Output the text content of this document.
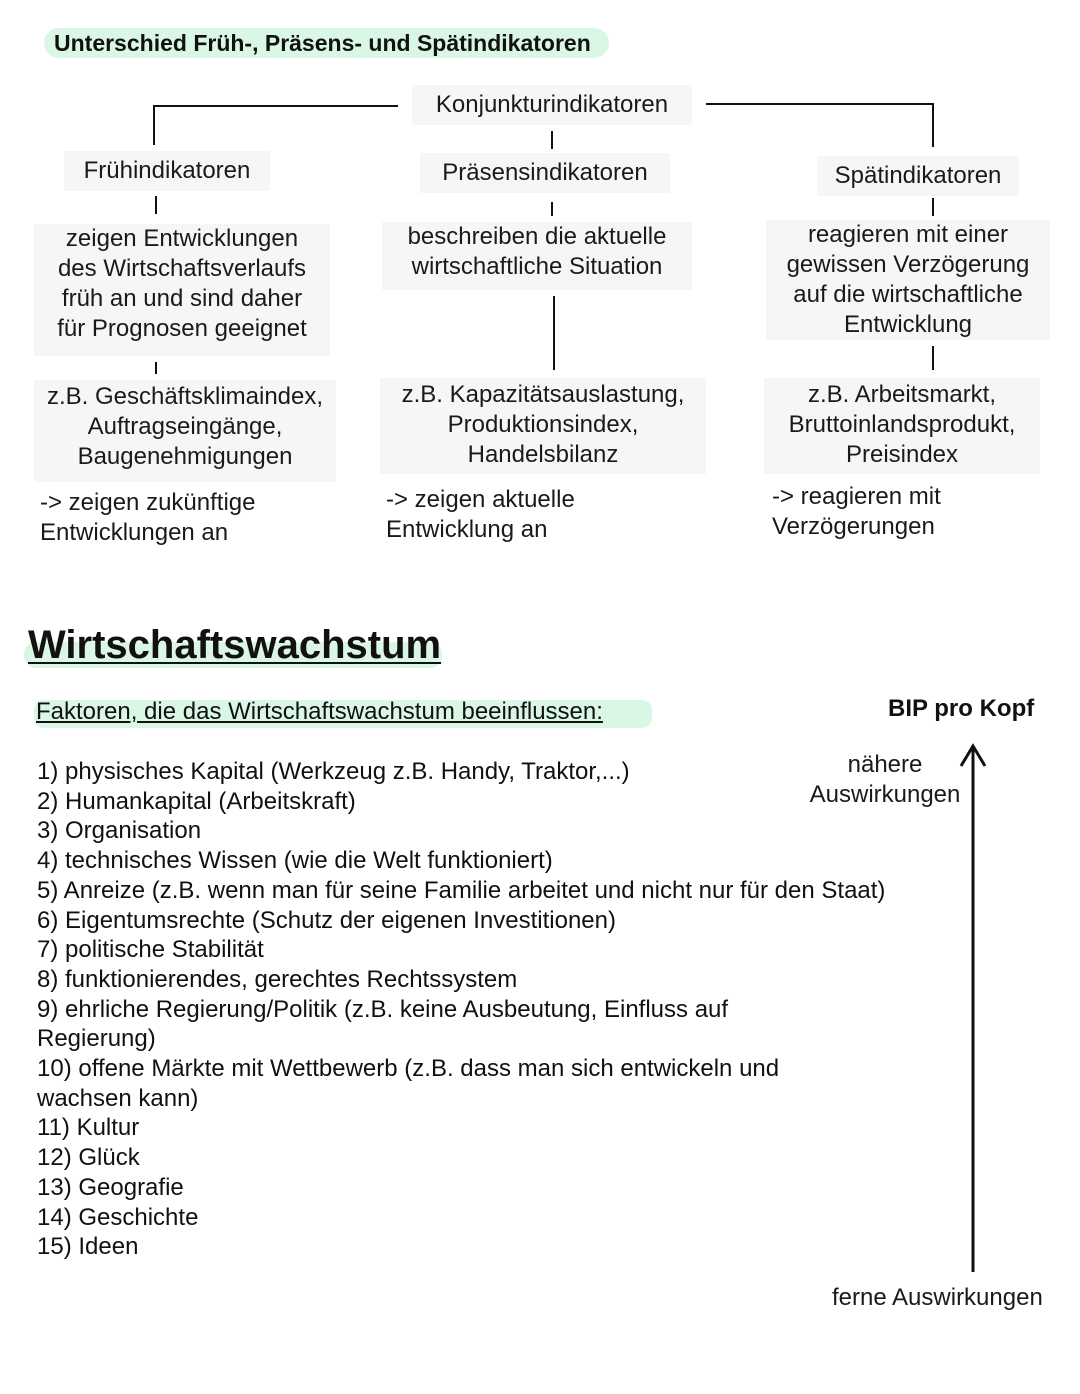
Unterschied Früh-, Präsens- und Spätindikatoren
Konjunkturindikatoren
Frühindikatoren	Präsensindikatoren	Spätindikatoren
zeigen Entwicklungen
des Wirtschaftsverlaufs
früh an und sind daher
für Prognosen geeignet
beschreiben die aktuelle
wirtschaftliche Situation
reagieren mit einer
gewissen Verzögerung
auf die wirtschaftliche
Entwicklung
z.B. Geschäftsklimaindex,
Auftragseingänge,
Baugenehmigungen
z.B. Kapazitätsauslastung,
Produktionsindex,
Handelsbilanz
z.B. Arbeitsmarkt,
Bruttoinlandsprodukt,
Preisindex
-> zeigen zukünftige
Entwicklungen an
-> zeigen aktuelle
Entwicklung an
-> reagieren mit
Verzögerungen
Wirtschaftswachstum
Faktoren, die das Wirtschaftswachstum beeinflussen:	BIP pro Kopf
nähere
Auswirkungen
ferne Auswirkungen
1) physisches Kapital (Werkzeug z.B. Handy, Traktor,...)
2) Humankapital (Arbeitskraft)
3) Organisation
4) technisches Wissen (wie die Welt funktioniert)
5) Anreize (z.B. wenn man für seine Familie arbeitet und nicht nur für den Staat)
6) Eigentumsrechte (Schutz der eigenen Investitionen)
7) politische Stabilität
8) funktionierendes, gerechtes Rechtssystem
9) ehrliche Regierung/Politik (z.B. keine Ausbeutung, Einfluss auf Regierung)
10) offene Märkte mit Wettbewerb (z.B. dass man sich entwickeln und wachsen kann)
11) Kultur
12) Glück
13) Geografie
14) Geschichte
15) Ideen
